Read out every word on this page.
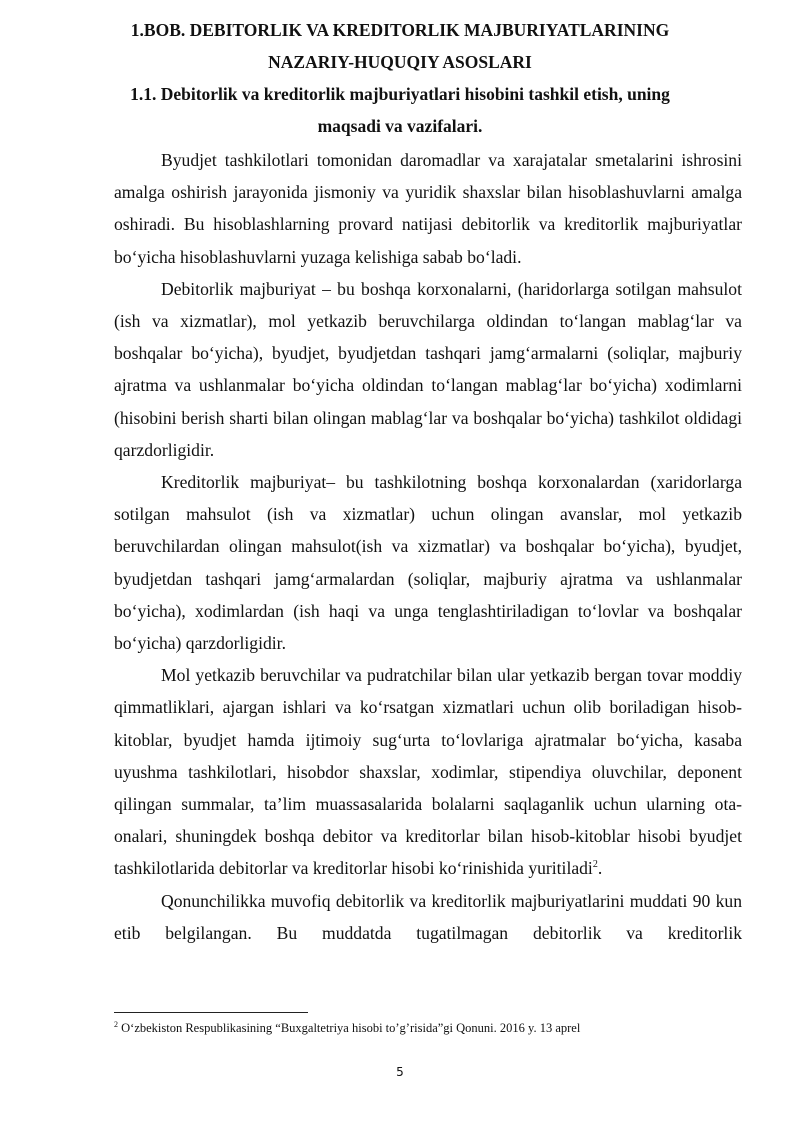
1.BOB. DEBITORLIK VA KREDITORLIK MAJBURIYATLARINING NAZARIY-HUQUQIY ASOSLARI

1.1. Debitorlik va kreditorlik majburiyatlari hisobini tashkil etish, uning maqsadi va vazifalari.

Byudjet tashkilotlari tomonidan daromadlar va xarajatalar smetalarini ishrosini amalga oshirish jarayonida jismoniy va yuridik shaxslar bilan hisoblashuvlarni amalga oshiradi. Bu hisoblashlarning provard natijasi debitorlik va kreditorlik majburiyatlar bo‘yicha hisoblashuvlarni yuzaga kelishiga sabab bo‘ladi.

Debitorlik majburiyat – bu boshqa korxonalarni, (haridorlarga sotilgan mahsulot (ish va xizmatlar), mol yetkazib beruvchilarga oldindan to‘langan mablag‘lar va boshqalar bo‘yicha), byudjet, byudjetdan tashqari jamg‘armalarni (soliqlar, majburiy ajratma va ushlanmalar bo‘yicha oldindan to‘langan mablag‘lar bo‘yicha) xodimlarni (hisobini berish sharti bilan olingan mablag‘lar va boshqalar bo‘yicha) tashkilot oldidagi qarzdorligidir.

Kreditorlik majburiyat– bu tashkilotning boshqa korxonalardan (xaridorlarga sotilgan mahsulot (ish va xizmatlar) uchun olingan avanslar, mol yetkazib beruvchilardan olingan mahsulot(ish va xizmatlar) va boshqalar bo‘yicha), byudjet, byudjetdan tashqari jamg‘armalardan (soliqlar, majburiy ajratma va ushlanmalar bo‘yicha), xodimlardan (ish haqi va unga tenglashtiriladigan to‘lovlar va boshqalar bo‘yicha) qarzdorligidir.

Mol yetkazib beruvchilar va pudratchilar bilan ular yetkazib bergan tovar moddiy qimmatliklari, ajargan ishlari va ko‘rsatgan xizmatlari uchun olib boriladigan hisob-kitoblar, byudjet hamda ijtimoiy sug‘urta to‘lovlariga ajratmalar bo‘yicha, kasaba uyushma tashkilotlari, hisobdor shaxslar, xodimlar, stipendiya oluvchilar, deponent qilingan summalar, ta’lim muassasalarida bolalarni saqlaganlik uchun ularning ota-onalari, shuningdek boshqa debitor va kreditorlar bilan hisob-kitoblar hisobi byudjet tashkilotlarida debitorlar va kreditorlar hisobi ko‘rinishida yuritiladi$^2$.

Qonunchilikka muvofiq debitorlik va kreditorlik majburiyatlarini muddati 90 kun etib belgilangan. Bu muddatda tugatilmagan debitorlik va kreditorlik

$^2$ O‘zbekiston Respublikasining “Buxgaltetriya hisobi to’g’risida”gi Qonuni. 2016 y. 13 aprel

5
